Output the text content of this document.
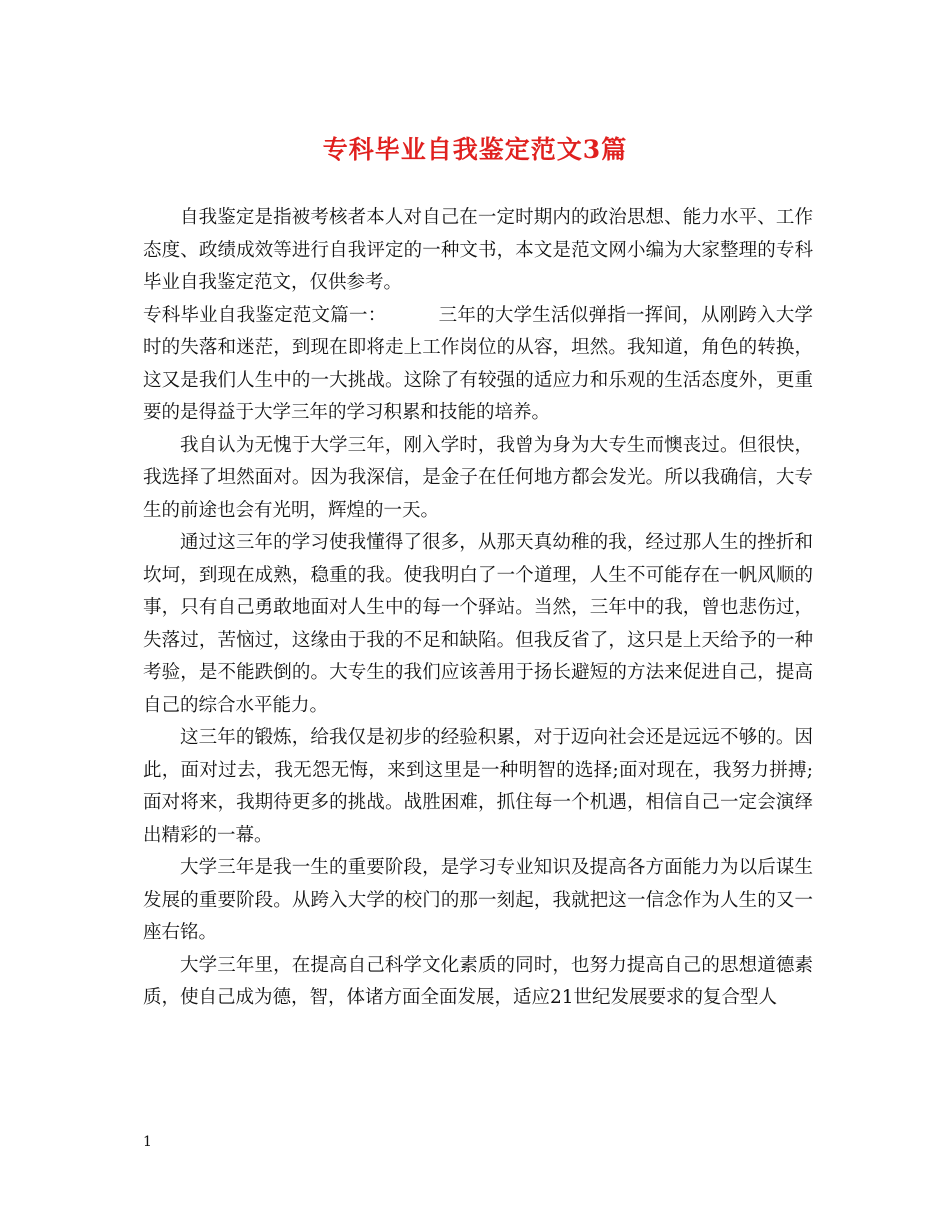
专科毕业自我鉴定范文3篇

自我鉴定是指被考核者本人对自己在一定时期内的政治思想、能力水平、工作态度、政绩成效等进行自我评定的一种文书，本文是范文网小编为大家整理的专科毕业自我鉴定范文，仅供参考。

专科毕业自我鉴定范文篇一：	三年的大学生活似弹指一挥间，从刚跨入大学时的失落和迷茫，到现在即将走上工作岗位的从容，坦然。我知道，角色的转换，这又是我们人生中的一大挑战。这除了有较强的适应力和乐观的生活态度外，更重要的是得益于大学三年的学习积累和技能的培养。

我自认为无愧于大学三年，刚入学时，我曾为身为大专生而懊丧过。但很快，我选择了坦然面对。因为我深信，是金子在任何地方都会发光。所以我确信，大专生的前途也会有光明，辉煌的一天。

通过这三年的学习使我懂得了很多，从那天真幼稚的我，经过那人生的挫折和坎坷，到现在成熟，稳重的我。使我明白了一个道理，人生不可能存在一帆风顺的事，只有自己勇敢地面对人生中的每一个驿站。当然，三年中的我，曾也悲伤过，失落过，苦恼过，这缘由于我的不足和缺陷。但我反省了，这只是上天给予的一种考验，是不能跌倒的。大专生的我们应该善用于扬长避短的方法来促进自己，提高自己的综合水平能力。

这三年的锻炼，给我仅是初步的经验积累，对于迈向社会还是远远不够的。因此，面对过去，我无怨无悔，来到这里是一种明智的选择;面对现在，我努力拼搏;面对将来，我期待更多的挑战。战胜困难，抓住每一个机遇，相信自己一定会演绎出精彩的一幕。

大学三年是我一生的重要阶段，是学习专业知识及提高各方面能力为以后谋生发展的重要阶段。从跨入大学的校门的那一刻起，我就把这一信念作为人生的又一座右铭。

大学三年里，在提高自己科学文化素质的同时，也努力提高自己的思想道德素质，使自己成为德，智，体诸方面全面发展，适应21世纪发展要求的复合型人

1
